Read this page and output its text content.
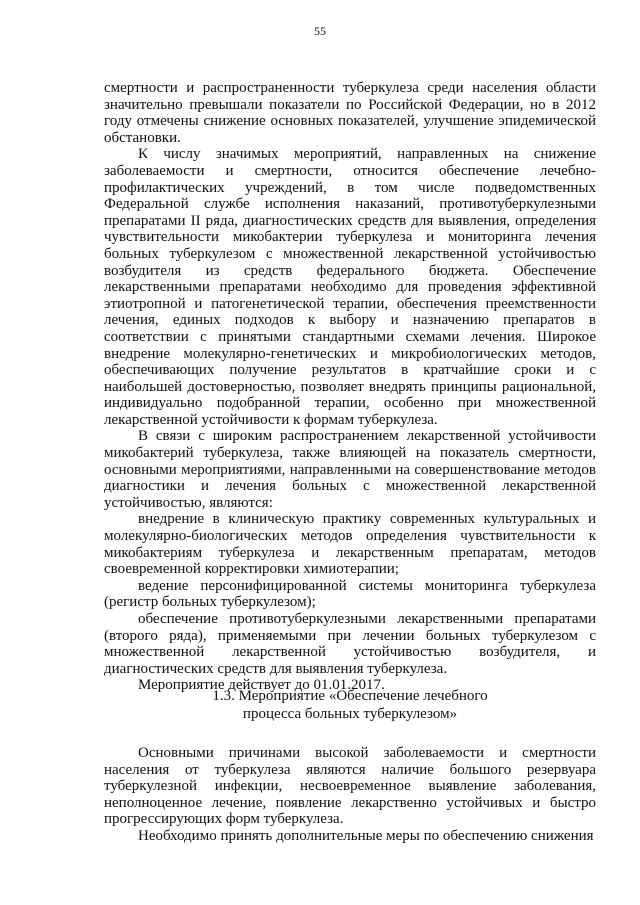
55

смертности и распространенности туберкулеза среди населения области значительно превышали показатели по Российской Федерации, но в 2012 году отмечены снижение основных показателей, улучшение эпидемической обстановки.

К числу значимых мероприятий, направленных на снижение заболеваемости и смертности, относится обеспечение лечебно-профилактических учреждений, в том числе подведомственных Федеральной службе исполнения наказаний, противотуберкулезными препаратами II ряда, диагностических средств для выявления, определения чувствительности микобактерии туберкулеза и мониторинга лечения больных туберкулезом с множественной лекарственной устойчивостью возбудителя из средств федерального бюджета. Обеспечение лекарственными препаратами необходимо для проведения эффективной этиотропной и патогенетической терапии, обеспечения преемственности лечения, единых подходов к выбору и назначению препаратов в соответствии с принятыми стандартными схемами лечения. Широкое внедрение молекулярно-генетических и микробиологических методов, обеспечивающих получение результатов в кратчайшие сроки и с наибольшей достоверностью, позволяет внедрять принципы рациональной, индивидуально подобранной терапии, особенно при множественной лекарственной устойчивости к формам туберкулеза.

В связи с широким распространением лекарственной устойчивости микобактерий туберкулеза, также влияющей на показатель смертности, основными мероприятиями, направленными на совершенствование методов диагностики и лечения больных с множественной лекарственной устойчивостью, являются:

внедрение в клиническую практику современных культуральных и молекулярно-биологических методов определения чувствительности к микобактериям туберкулеза и лекарственным препаратам, методов своевременной корректировки химиотерапии;

ведение персонифицированной системы мониторинга туберкулеза (регистр больных туберкулезом);

обеспечение противотуберкулезными лекарственными препаратами (второго ряда), применяемыми при лечении больных туберкулезом с множественной лекарственной устойчивостью возбудителя, и диагностических средств для выявления туберкулеза.

Мероприятие действует до 01.01.2017.

1.3. Мероприятие «Обеспечение лечебного
процесса больных туберкулезом»

Основными причинами высокой заболеваемости и смертности населения от туберкулеза являются наличие большого резервуара туберкулезной инфекции, несвоевременное выявление заболевания, неполноценное лечение, появление лекарственно устойчивых и быстро прогрессирующих форм туберкулеза.

Необходимо принять дополнительные меры по обеспечению снижения
